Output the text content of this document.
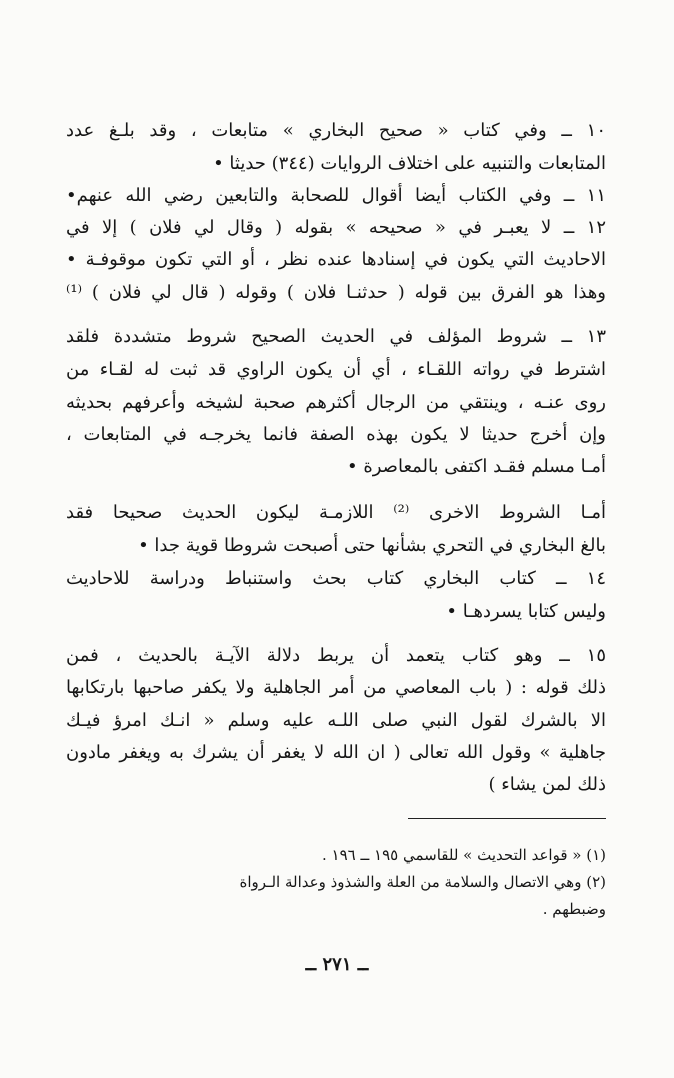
١٠ ــ وفي كتاب « صحيح البخاري » متابعات ، وقد بلـغ عدد
المتابعات والتنبيه على اختلاف الروايات (٣٤٤) حديثا •
١١ ــ وفي الكتاب أيضا أقوال للصحابة والتابعين رضي الله عنهم•
١٢ ــ لا يعبـر في « صحيحه » بقوله ( وقال لي فلان ) إلا في
الاحاديث التي يكون في إسنادها عنده نظر ، أو التي تكون موقوفـة •
وهذا هو الفرق بين قوله ( حدثنـا فلان ) وقوله ( قال لي فلان ) ⁽¹⁾
١٣ ــ شروط المؤلف في الحديث الصحيح شروط متشددة فلقد
اشترط في رواته اللقـاء ، أي أن يكون الراوي قد ثبت له لقـاء من
روى عنـه ، وينتقي من الرجال أكثرهم صحبة لشيخه وأعرفهم بحديثه
وإن أخرج حديثا لا يكون بهذه الصفة فانما يخرجـه في المتابعات ،
أمـا مسلم فقـد اكتفى بالمعاصرة •
أمـا الشروط الاخرى ⁽²⁾ اللازمـة ليكون الحديث صحيحا فقد
بالغ البخاري في التحري بشأنها حتى أصبحت شروطا قوية جدا •
١٤ ــ كتاب البخاري كتاب بحث واستنباط ودراسة للاحاديث
وليس كتابا يسردهـا •
١٥ ــ وهو كتاب يتعمد أن يربط دلالة الآيـة بالحديث ، فمن
ذلك قوله : ( باب المعاصي من أمر الجاهلية ولا يكفر صاحبها بارتكابها
الا بالشرك لقول النبي صلى اللـه عليه وسلم « انـك امرؤ فيـك
جاهلية » وقول الله تعالى ( ان الله لا يغفر أن يشرك به ويغفر مادون
ذلك لمن يشاء )
(١) « قواعد التحديث » للقاسمي ١٩٥ ــ ١٩٦ .
(٢) وهي الاتصال والسلامة من العلة والشذوذ وعدالة الـرواة
وضبطهم .
ــ ٢٧١ ــ
